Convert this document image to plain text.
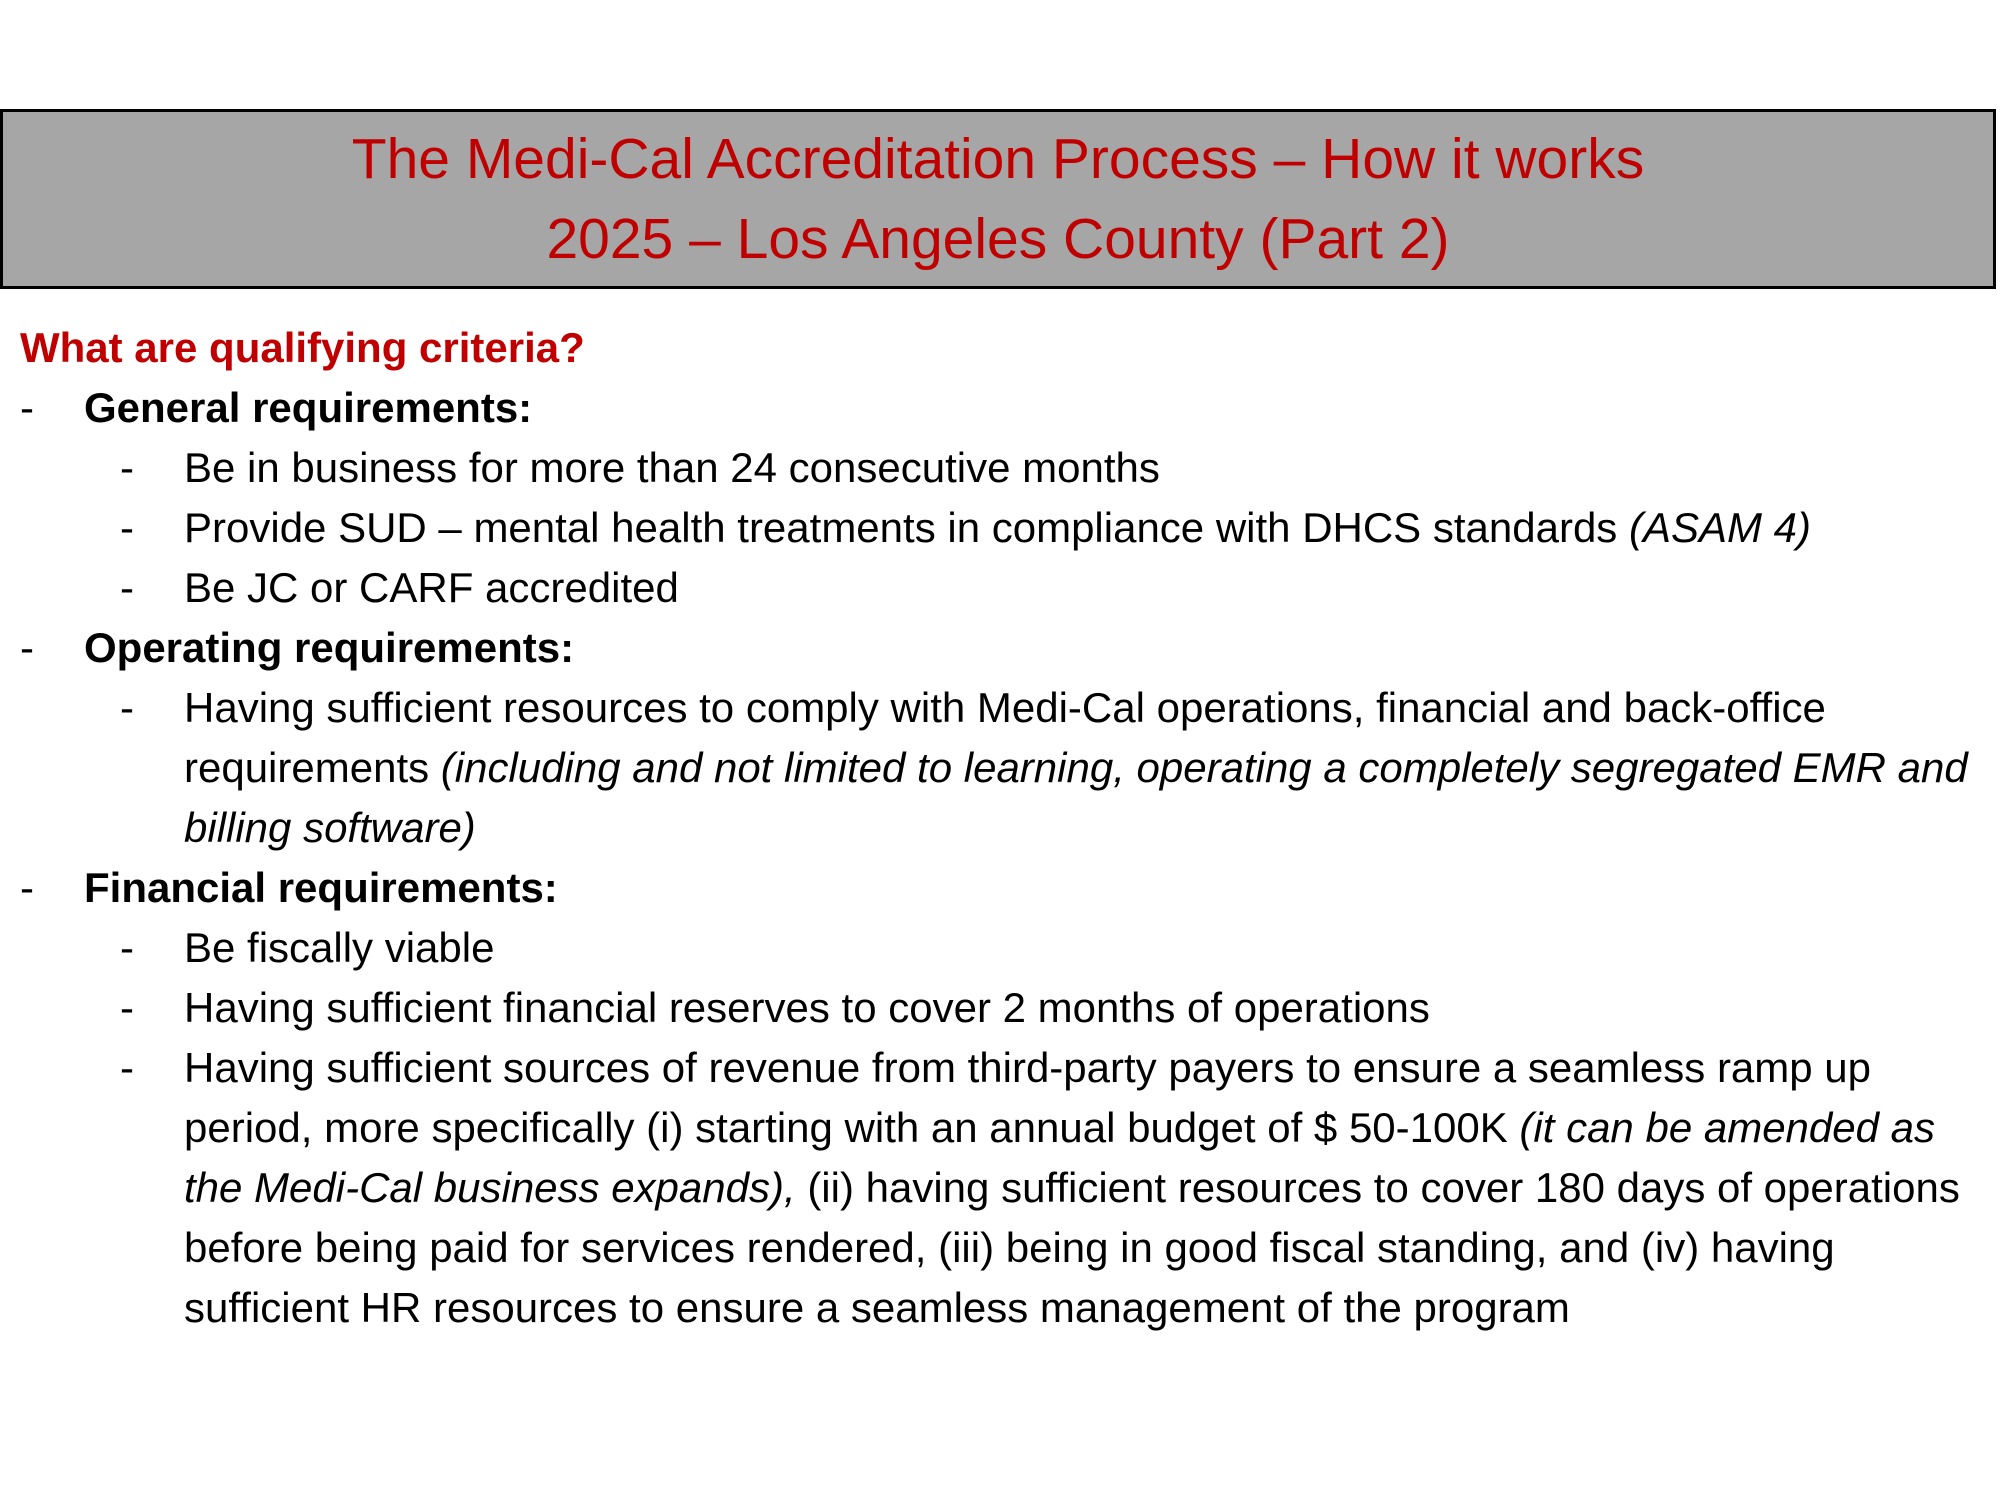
The Medi-Cal Accreditation Process – How it works
2025 – Los Angeles County (Part 2)
What are qualifying criteria?
-	General requirements:
-	Be in business for more than 24 consecutive months
-	Provide SUD – mental health treatments in compliance with DHCS standards (ASAM 4)
-	Be JC or CARF accredited
-	Operating requirements:
-	Having sufficient resources to comply with Medi-Cal operations, financial and back-office requirements (including and not limited to learning, operating a completely segregated EMR and billing software)
-	Financial requirements:
-	Be fiscally viable
-	Having sufficient financial reserves to cover 2 months of operations
-	Having sufficient sources of revenue from third-party payers to ensure a seamless ramp up period, more specifically (i) starting with an annual budget of $ 50-100K (it can be amended as the Medi-Cal business expands), (ii) having sufficient resources to cover 180 days of operations before being paid for services rendered, (iii) being in good fiscal standing, and (iv) having sufficient HR resources to ensure a seamless management of the program
